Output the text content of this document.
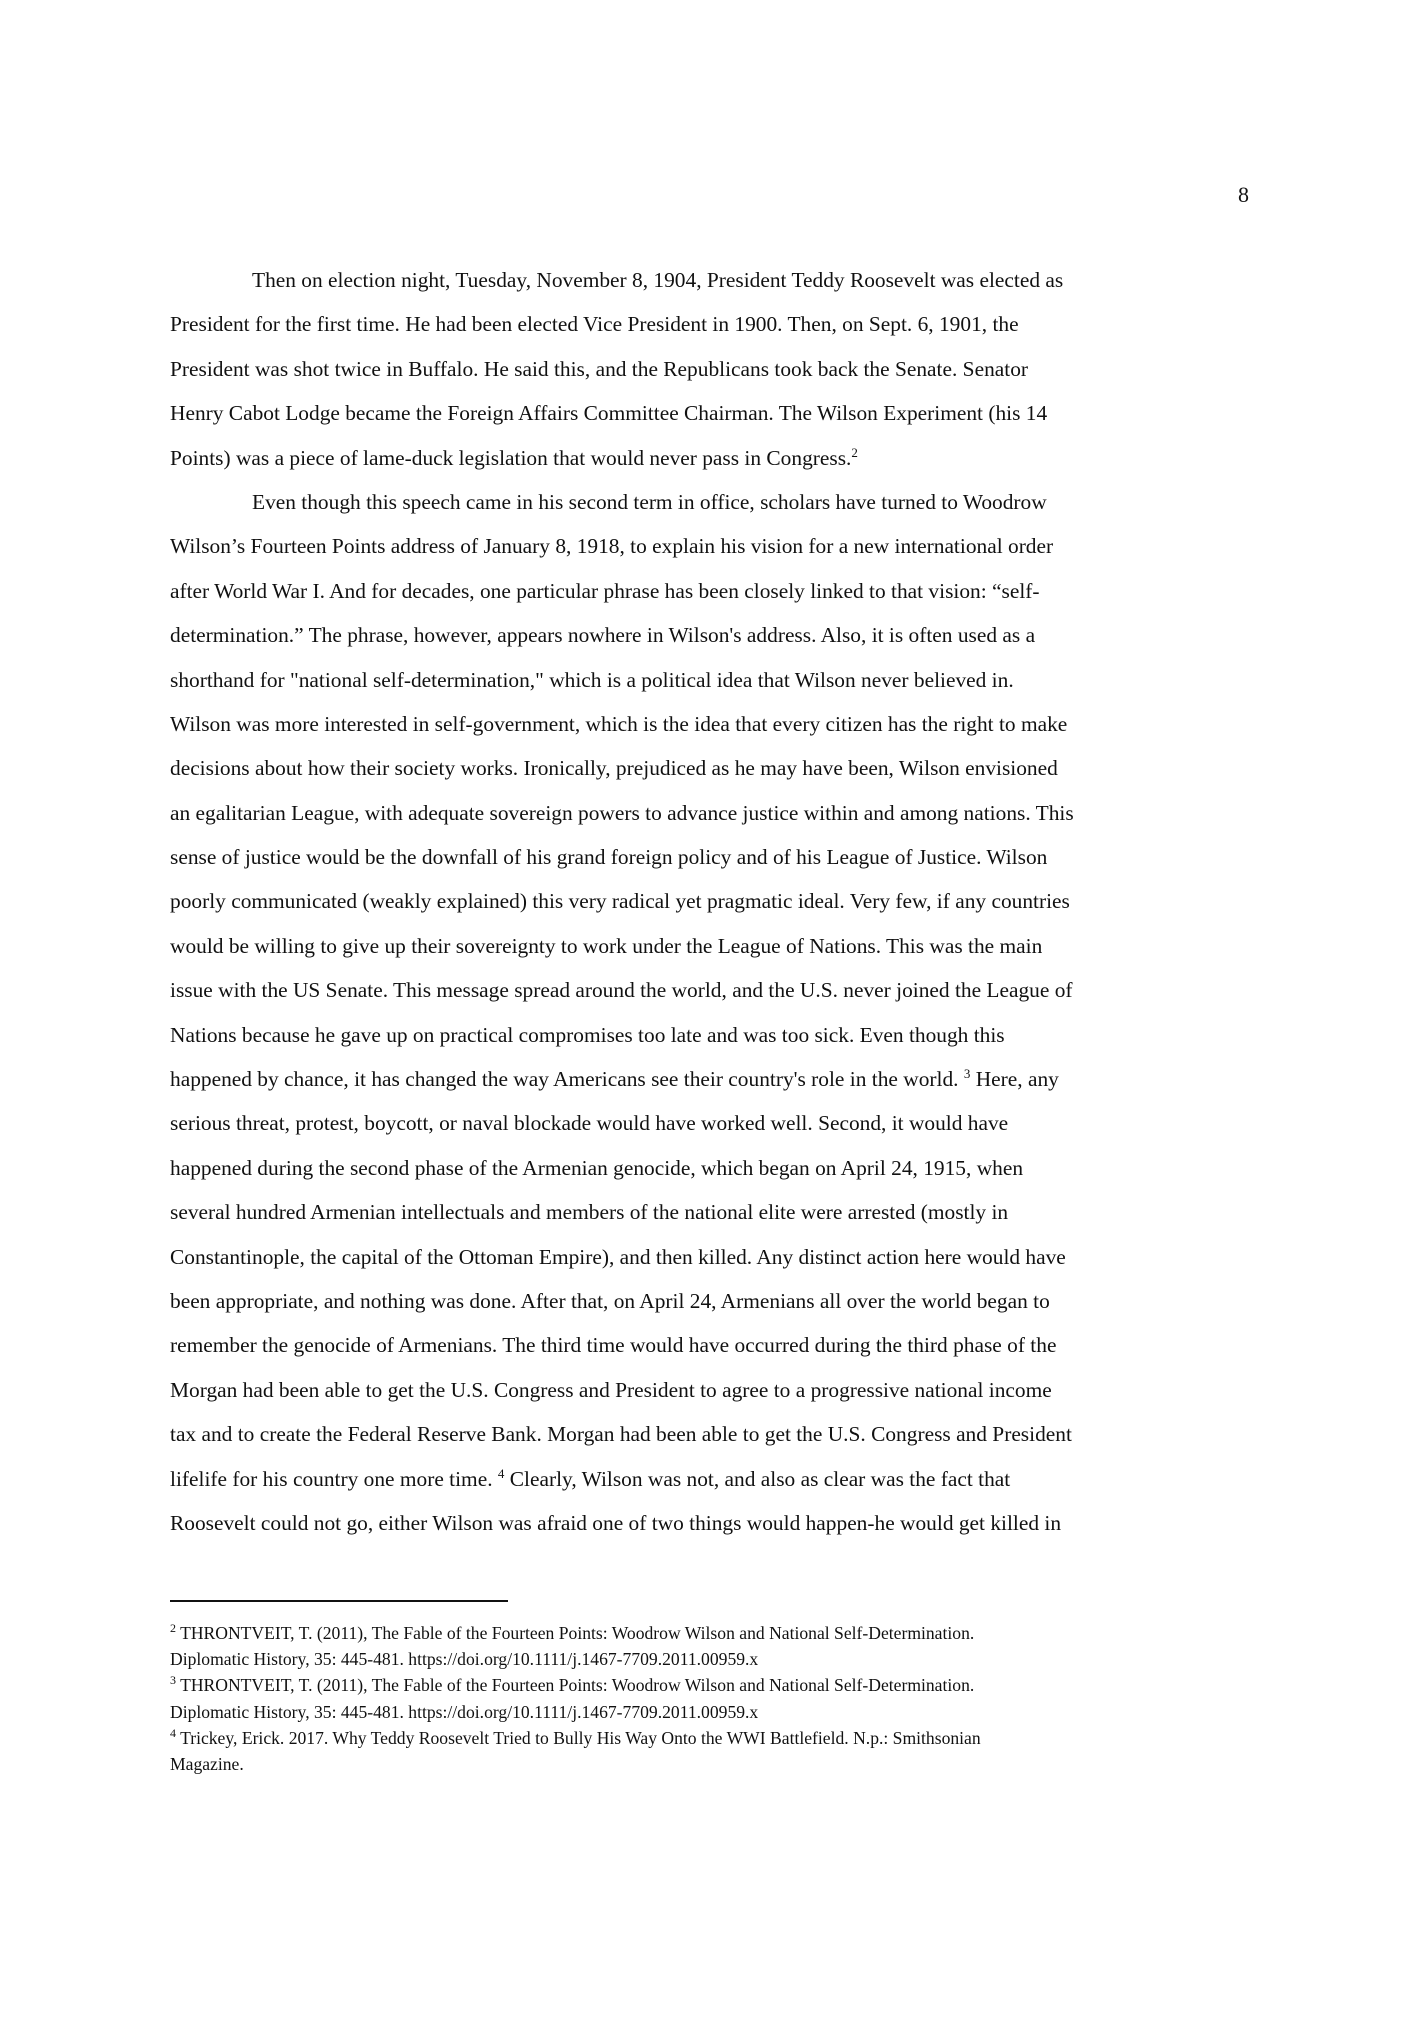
8
Then on election night, Tuesday, November 8, 1904, President Teddy Roosevelt was elected as
President for the first time. He had been elected Vice President in 1900. Then, on Sept. 6, 1901, the
President was shot twice in Buffalo. He said this, and the Republicans took back the Senate. Senator
Henry Cabot Lodge became the Foreign Affairs Committee Chairman. The Wilson Experiment (his 14
Points) was a piece of lame-duck legislation that would never pass in Congress.$^2$
Even though this speech came in his second term in office, scholars have turned to Woodrow
Wilson’s Fourteen Points address of January 8, 1918, to explain his vision for a new international order
after World War I. And for decades, one particular phrase has been closely linked to that vision: “self-
determination.” The phrase, however, appears nowhere in Wilson's address. Also, it is often used as a
shorthand for "national self-determination," which is a political idea that Wilson never believed in.
Wilson was more interested in self-government, which is the idea that every citizen has the right to make
decisions about how their society works. Ironically, prejudiced as he may have been, Wilson envisioned
an egalitarian League, with adequate sovereign powers to advance justice within and among nations. This
sense of justice would be the downfall of his grand foreign policy and of his League of Justice. Wilson
poorly communicated (weakly explained) this very radical yet pragmatic ideal. Very few, if any countries
would be willing to give up their sovereignty to work under the League of Nations. This was the main
issue with the US Senate. This message spread around the world, and the U.S. never joined the League of
Nations because he gave up on practical compromises too late and was too sick. Even though this
happened by chance, it has changed the way Americans see their country's role in the world. $^3$ Here, any
serious threat, protest, boycott, or naval blockade would have worked well. Second, it would have
happened during the second phase of the Armenian genocide, which began on April 24, 1915, when
several hundred Armenian intellectuals and members of the national elite were arrested (mostly in
Constantinople, the capital of the Ottoman Empire), and then killed. Any distinct action here would have
been appropriate, and nothing was done. After that, on April 24, Armenians all over the world began to
remember the genocide of Armenians. The third time would have occurred during the third phase of the
Morgan had been able to get the U.S. Congress and President to agree to a progressive national income
tax and to create the Federal Reserve Bank. Morgan had been able to get the U.S. Congress and President
lifelife for his country one more time. $^4$ Clearly, Wilson was not, and also as clear was the fact that
Roosevelt could not go, either Wilson was afraid one of two things would happen-he would get killed in
$^2$ THRONTVEIT, T. (2011), The Fable of the Fourteen Points: Woodrow Wilson and National Self-Determination.
Diplomatic History, 35: 445-481. https://doi.org/10.1111/j.1467-7709.2011.00959.x
$^3$ THRONTVEIT, T. (2011), The Fable of the Fourteen Points: Woodrow Wilson and National Self-Determination.
Diplomatic History, 35: 445-481. https://doi.org/10.1111/j.1467-7709.2011.00959.x
$^4$ Trickey, Erick. 2017. Why Teddy Roosevelt Tried to Bully His Way Onto the WWI Battlefield. N.p.: Smithsonian
Magazine.
